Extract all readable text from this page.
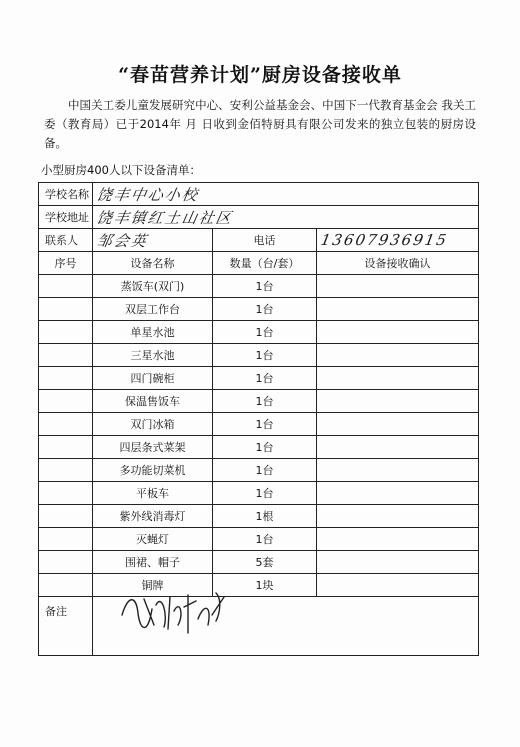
“春苗营养计划”厨房设备接收单
中国关工委儿童发展研究中心、安利公益基金会、中国下一代教育基金会 我关工委（教育局）已于2014年 月 日收到金佰特厨具有限公司发来的独立包装的厨房设备。
小型厨房400人以下设备清单：
学校名称	饶丰中心小校		
学校地址	饶丰镇红土山社区		
联系人	邹会英	电话	13607936915
序号	设备名称	数量（台/套）	设备接收确认
	蒸饭车(双门)	1台	
	双层工作台	1台	
	单星水池	1台	
	三星水池	1台	
	四门碗柜	1台	
	保温售饭车	1台	
	双门冰箱	1台	
	四层条式菜架	1台	
	多功能切菜机	1台	
	平板车	1台	
	紫外线消毒灯	1根	
	灭蝇灯	1台	
	围裙、帽子	5套	
	铜牌	1块	
备注			
